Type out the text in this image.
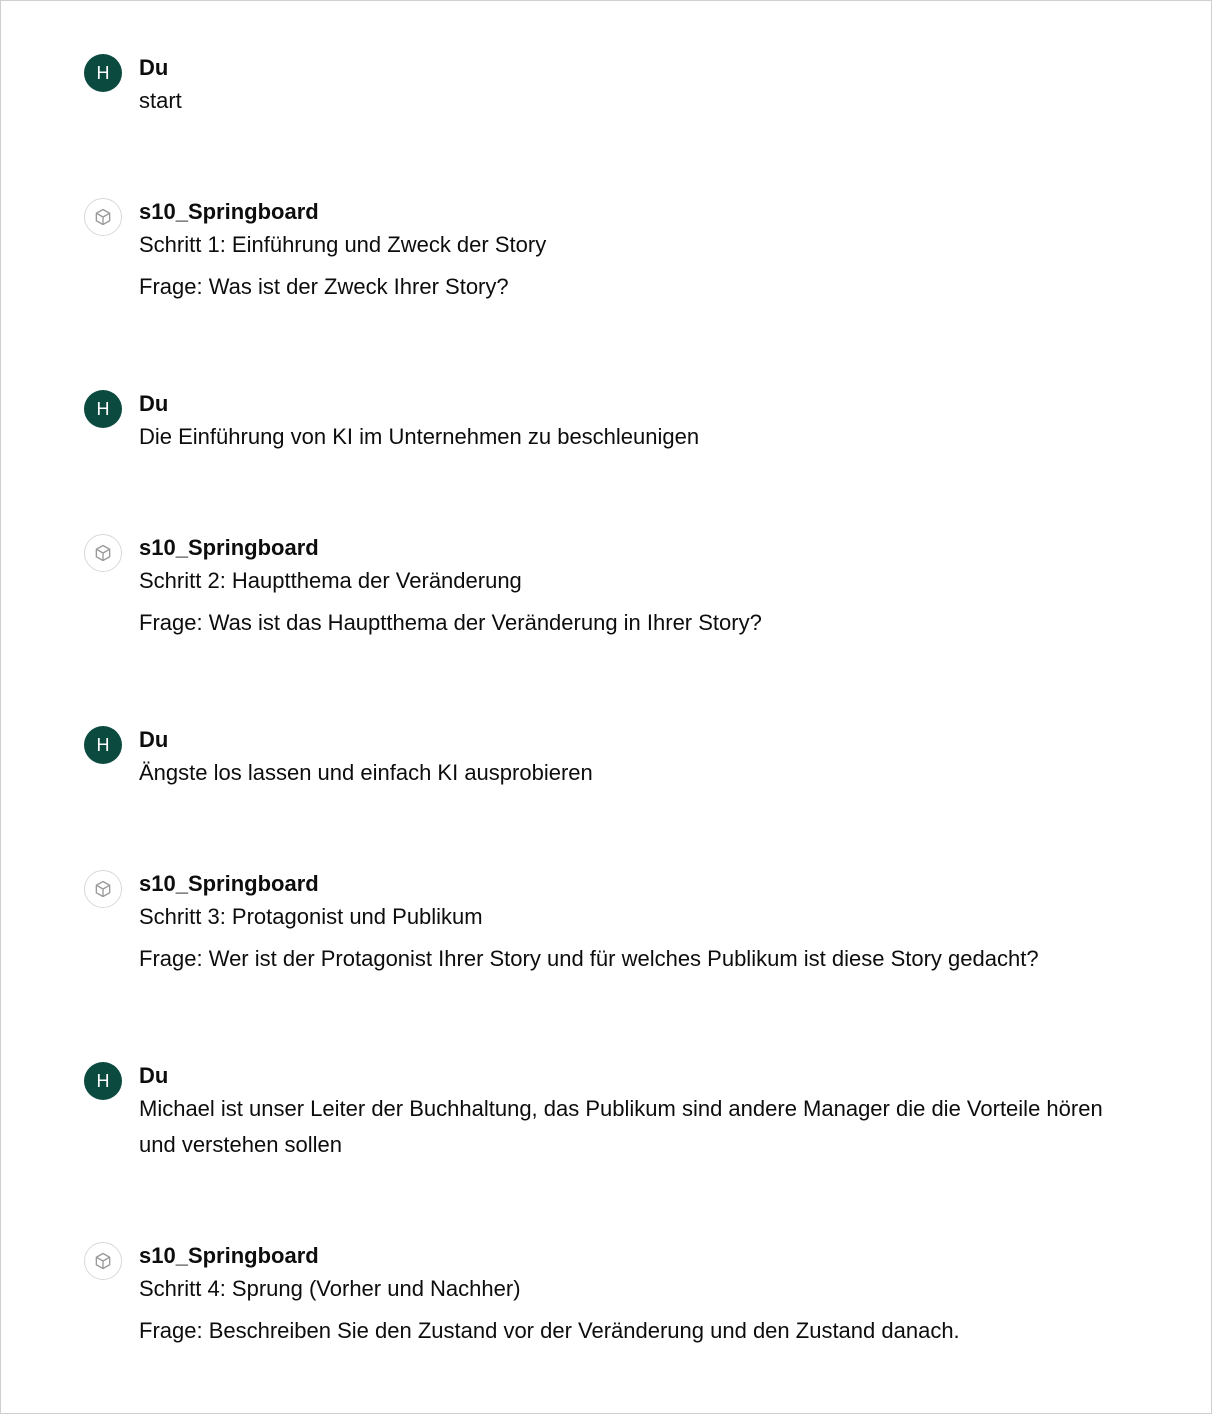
H Du

start

s10_Springboard

Schritt 1: Einführung und Zweck der Story

Frage: Was ist der Zweck Ihrer Story?

H Du

Die Einführung von KI im Unternehmen zu beschleunigen

s10_Springboard

Schritt 2: Hauptthema der Veränderung

Frage: Was ist das Hauptthema der Veränderung in Ihrer Story?

H Du

Ängste los lassen und einfach KI ausprobieren

s10_Springboard

Schritt 3: Protagonist und Publikum

Frage: Wer ist der Protagonist Ihrer Story und für welches Publikum ist diese Story gedacht?

H Du

Michael ist unser Leiter der Buchhaltung, das Publikum sind andere Manager die die Vorteile hören und verstehen sollen

s10_Springboard

Schritt 4: Sprung (Vorher und Nachher)

Frage: Beschreiben Sie den Zustand vor der Veränderung und den Zustand danach.
